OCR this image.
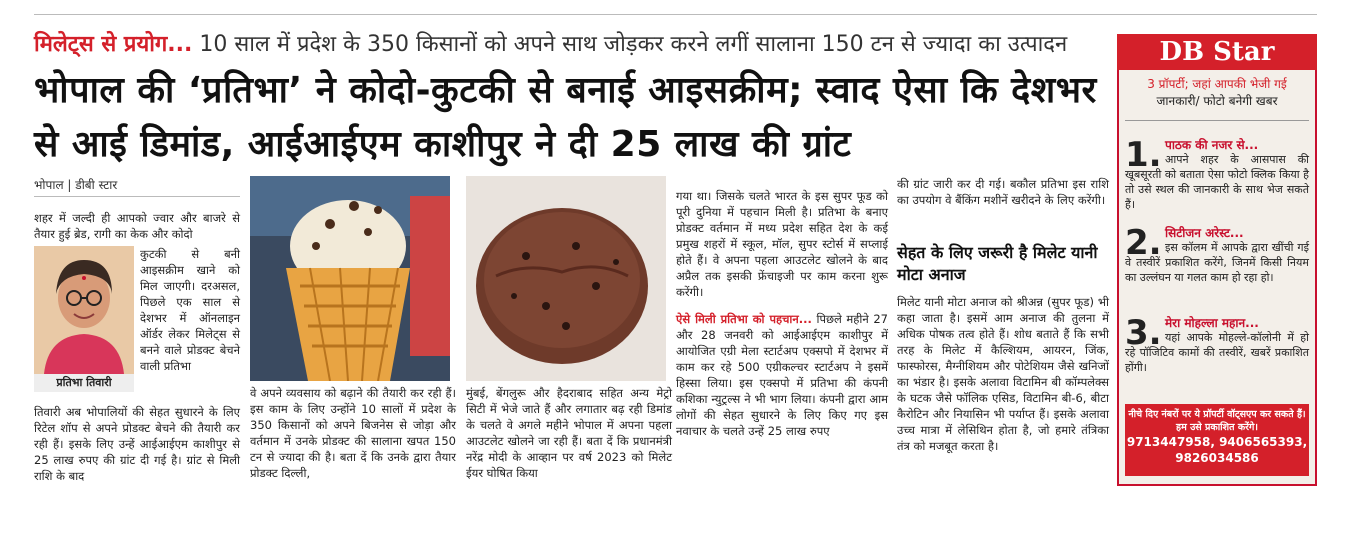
मिलेट्स से प्रयोग... 10 साल में प्रदेश के 350 किसानों को अपने साथ जोड़कर करने लगीं सालाना 150 टन से ज्यादा का उत्पादन
भोपाल की ‘प्रतिभा’ ने कोदो-कुटकी से बनाई आइसक्रीम; स्वाद ऐसा कि देशभर से आई डिमांड, आईआईएम काशीपुर ने दी 25 लाख की ग्रांट
भोपाल | डीबी स्टार
शहर में जल्दी ही आपको ज्वार और बाजरे से तैयार हुई ब्रेड, रागी का केक और कोदो
प्रतिभा तिवारी
कुटकी से बनी आइसक्रीम खाने को मिल जाएगी। दरअसल, पिछले एक साल से देशभर में ऑनलाइन ऑर्डर लेकर मिलेट्स से बनने वाले प्रोडक्ट बेचने वाली प्रतिभा
तिवारी अब भोपालियों की सेहत सुधारने के लिए रिटेल शॉप से अपने प्रोडक्ट बेचने की तैयारी कर रही हैं। इसके लिए उन्हें आईआईएम काशीपुर से 25 लाख रुपए की ग्रांट दी गई है। ग्रांट से मिली राशि के बाद
वे अपने व्यवसाय को बढ़ाने की तैयारी कर रही हैं। इस काम के लिए उन्होंने 10 सालों में प्रदेश के 350 किसानों को अपने बिजनेस से जोड़ा और वर्तमान में उनके प्रोडक्ट की सालाना खपत 150 टन से ज्यादा की है। बता दें कि उनके द्वारा तैयार प्रोडक्ट दिल्ली,
मुंबई, बेंगलुरू और हैदराबाद सहित अन्य मेट्रो सिटी में भेजे जाते हैं और लगातार बढ़ रही डिमांड के चलते वे अगले महीने भोपाल में अपना पहला आउटलेट खोलने जा रही हैं। बता दें कि प्रधानमंत्री नरेंद्र मोदी के आव्हान पर वर्ष 2023 को मिलेट ईयर घोषित किया

गया था। जिसके चलते भारत के इस सुपर फूड को पूरी दुनिया में पहचान मिली है। प्रतिभा के बनाए प्रोडक्ट वर्तमान में मध्य प्रदेश सहित देश के कई प्रमुख शहरों में स्कूल, मॉल, सुपर स्टोर्स में सप्लाई होते हैं। वे अपना पहला आउटलेट खोलने के बाद अप्रैल तक इसकी फ्रेंचाइजी पर काम करना शुरू करेंगी।

ऐसे मिली प्रतिभा को पहचान... पिछले महीने 27 और 28 जनवरी को आईआईएम काशीपुर में आयोजित एग्री मेला स्टार्टअप एक्सपो में देशभर में काम कर रहे 500 एग्रीकल्चर स्टार्टअप ने इसमें हिस्सा लिया। इस एक्सपो में प्रतिभा की कंपनी कशिका न्युट्रल्स ने भी भाग लिया। कंपनी द्वारा आम लोगों की सेहत सुधारने के लिए किए गए इस नवाचार के चलते उन्हें 25 लाख रुपए

की ग्रांट जारी कर दी गई। बकौल प्रतिभा इस राशि का उपयोग वे बैंकिंग मशीनें खरीदने के लिए करेंगी।
सेहत के लिए जरूरी है मिलेट यानी मोटा अनाज
मिलेट यानी मोटा अनाज को श्रीअन्न (सुपर फूड) भी कहा जाता है। इसमें आम अनाज की तुलना में अधिक पोषक तत्व होते हैं। शोध बताते हैं कि सभी तरह के मिलेट में कैल्शियम, आयरन, जिंक, फास्फोरस, मैग्नीशियम और पोटेशियम जैसे खनिजों का भंडार है। इसके अलावा विटामिन बी कॉम्पलेक्स के घटक जैसे फॉलिक एसिड, विटामिन बी-6, बीटा कैरोटिन और नियासिन भी पर्याप्त हैं। इसके अलावा उच्च मात्रा में लेसिथिन होता है, जो हमारे तंत्रिका तंत्र को मजबूत करता है।
DB Star
3 प्रॉपर्टी; जहां आपकी भेजी गई
जानकारी/ फोटो बनेगी खबर
1. पाठक की नजर से...
आपने शहर के आसपास की खूबसूरती को बताता ऐसा फोटो क्लिक किया है तो उसे स्थल की जानकारी के साथ भेज सकते हैं।
2. सिटीजन अरेस्ट...
इस कॉलम में आपके द्वारा खींची गई वे तस्वीरें प्रकाशित करेंगे, जिनमें किसी नियम का उल्लंघन या गलत काम हो रहा हो।
3. मेरा मोहल्ला महान...
यहां आपके मोहल्ले-कॉलोनी में हो रहे पॉजिटिव कामों की तस्वीरें, खबरें प्रकाशित होंगी।
नीचे दिए नंबरों पर ये प्रॉपर्टी वॉट्सएप कर सकते हैं। हम उसे प्रकाशित करेंगे।
9713447958, 9406565393,
9826034586
